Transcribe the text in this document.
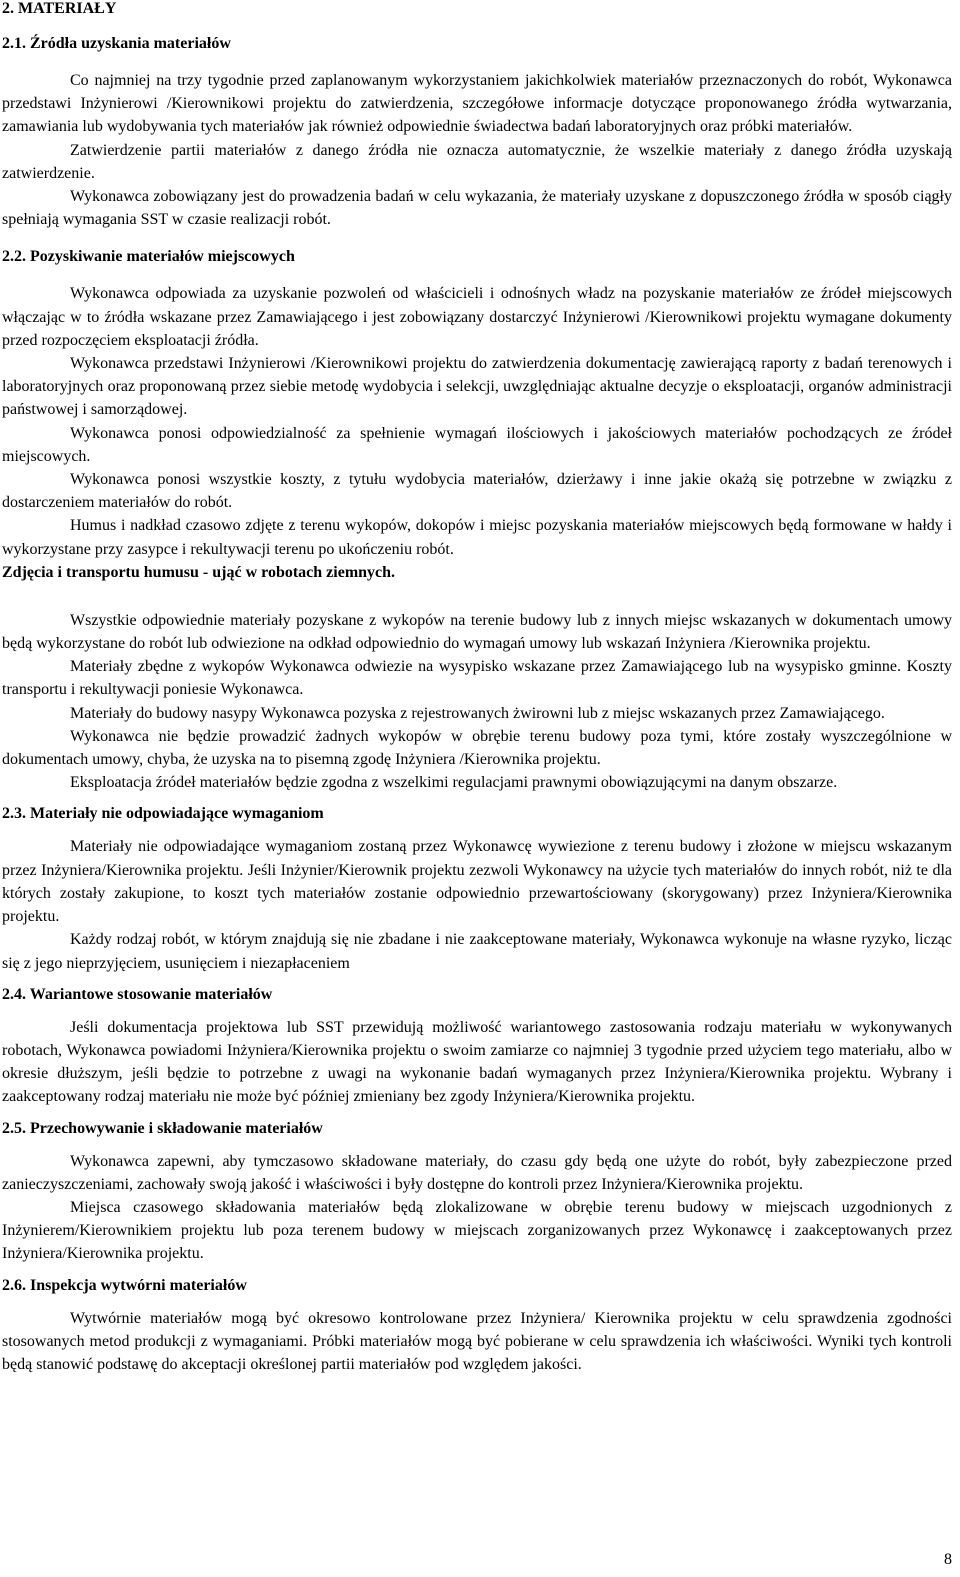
2. MATERIAŁY
2.1. Źródła uzyskania materiałów

Co najmniej na trzy tygodnie przed zaplanowanym wykorzystaniem jakichkolwiek materiałów przeznaczonych do robót, Wykonawca przedstawi Inżynierowi /Kierownikowi projektu do zatwierdzenia, szczegółowe informacje dotyczące proponowanego źródła wytwarzania, zamawiania lub wydobywania tych materiałów jak również odpowiednie świadectwa badań laboratoryjnych oraz próbki materiałów.

Zatwierdzenie partii materiałów z danego źródła nie oznacza automatycznie, że wszelkie materiały z danego źródła uzyskają zatwierdzenie.

Wykonawca zobowiązany jest do prowadzenia badań w celu wykazania, że materiały uzyskane z dopuszczonego źródła w sposób ciągły spełniają wymagania SST w czasie realizacji robót.

2.2. Pozyskiwanie materiałów miejscowych

Wykonawca odpowiada za uzyskanie pozwoleń od właścicieli i odnośnych władz na pozyskanie materiałów ze źródeł miejscowych włączając w to źródła wskazane przez Zamawiającego i jest zobowiązany dostarczyć Inżynierowi /Kierownikowi projektu wymagane dokumenty przed rozpoczęciem eksploatacji źródła.

Wykonawca przedstawi Inżynierowi /Kierownikowi projektu do zatwierdzenia dokumentację zawierającą raporty z badań terenowych i laboratoryjnych oraz proponowaną przez siebie metodę wydobycia i selekcji, uwzględniając aktualne decyzje o eksploatacji, organów administracji państwowej i samorządowej.

Wykonawca ponosi odpowiedzialność za spełnienie wymagań ilościowych i jakościowych materiałów pochodzących ze źródeł miejscowych.

Wykonawca ponosi wszystkie koszty, z tytułu wydobycia materiałów, dzierżawy i inne jakie okażą się potrzebne w związku z dostarczeniem materiałów do robót.

Humus i nadkład czasowo zdjęte z terenu wykopów, dokopów i miejsc pozyskania materiałów miejscowych będą formowane w hałdy i wykorzystane przy zasypce i rekultywacji terenu po ukończeniu robót.

Zdjęcia i transportu humusu - ująć w robotach ziemnych.

Wszystkie odpowiednie materiały pozyskane z wykopów na terenie budowy lub z innych miejsc wskazanych w dokumentach umowy będą wykorzystane do robót lub odwiezione na odkład odpowiednio do wymagań umowy lub wskazań Inżyniera /Kierownika projektu.

Materiały zbędne z wykopów Wykonawca odwiezie na wysypisko wskazane przez Zamawiającego lub na wysypisko gminne. Koszty transportu i rekultywacji poniesie Wykonawca.

Materiały do budowy nasypy Wykonawca pozyska z rejestrowanych żwirowni lub z miejsc wskazanych przez Zamawiającego.

Wykonawca nie będzie prowadzić żadnych wykopów w obrębie terenu budowy poza tymi, które zostały wyszczególnione w dokumentach umowy, chyba, że uzyska na to pisemną zgodę Inżyniera /Kierownika projektu.

Eksploatacja źródeł materiałów będzie zgodna z wszelkimi regulacjami prawnymi obowiązującymi na danym obszarze.

2.3. Materiały nie odpowiadające wymaganiom

Materiały nie odpowiadające wymaganiom zostaną przez Wykonawcę wywiezione z terenu budowy i złożone w miejscu wskazanym przez Inżyniera/Kierownika projektu. Jeśli Inżynier/Kierownik projektu zezwoli Wykonawcy na użycie tych materiałów do innych robót, niż te dla których zostały zakupione, to koszt tych materiałów zostanie odpowiednio przewartościowany (skorygowany) przez Inżyniera/Kierownika projektu.

Każdy rodzaj robót, w którym znajdują się nie zbadane i nie zaakceptowane materiały, Wykonawca wykonuje na własne ryzyko, licząc się z jego nieprzyjęciem, usunięciem i niezapłaceniem

2.4. Wariantowe stosowanie materiałów

Jeśli dokumentacja projektowa lub SST przewidują możliwość wariantowego zastosowania rodzaju materiału w wykonywanych robotach, Wykonawca powiadomi Inżyniera/Kierownika projektu o swoim zamiarze co najmniej 3 tygodnie przed użyciem tego materiału, albo w okresie dłuższym, jeśli będzie to potrzebne z uwagi na wykonanie badań wymaganych przez Inżyniera/Kierownika projektu. Wybrany i zaakceptowany rodzaj materiału nie może być później zmieniany bez zgody Inżyniera/Kierownika projektu.

2.5. Przechowywanie i składowanie materiałów

Wykonawca zapewni, aby tymczasowo składowane materiały, do czasu gdy będą one użyte do robót, były zabezpieczone przed zanieczyszczeniami, zachowały swoją jakość i właściwości i były dostępne do kontroli przez Inżyniera/Kierownika projektu.

Miejsca czasowego składowania materiałów będą zlokalizowane w obrębie terenu budowy w miejscach uzgodnionych z Inżynierem/Kierownikiem projektu lub poza terenem budowy w miejscach zorganizowanych przez Wykonawcę i zaakceptowanych przez Inżyniera/Kierownika projektu.

2.6. Inspekcja wytwórni materiałów

Wytwórnie materiałów mogą być okresowo kontrolowane przez Inżyniera/ Kierownika projektu w celu sprawdzenia zgodności stosowanych metod produkcji z wymaganiami. Próbki materiałów mogą być pobierane w celu sprawdzenia ich właściwości. Wyniki tych kontroli będą stanowić podstawę do akceptacji określonej partii materiałów pod względem jakości.

8
